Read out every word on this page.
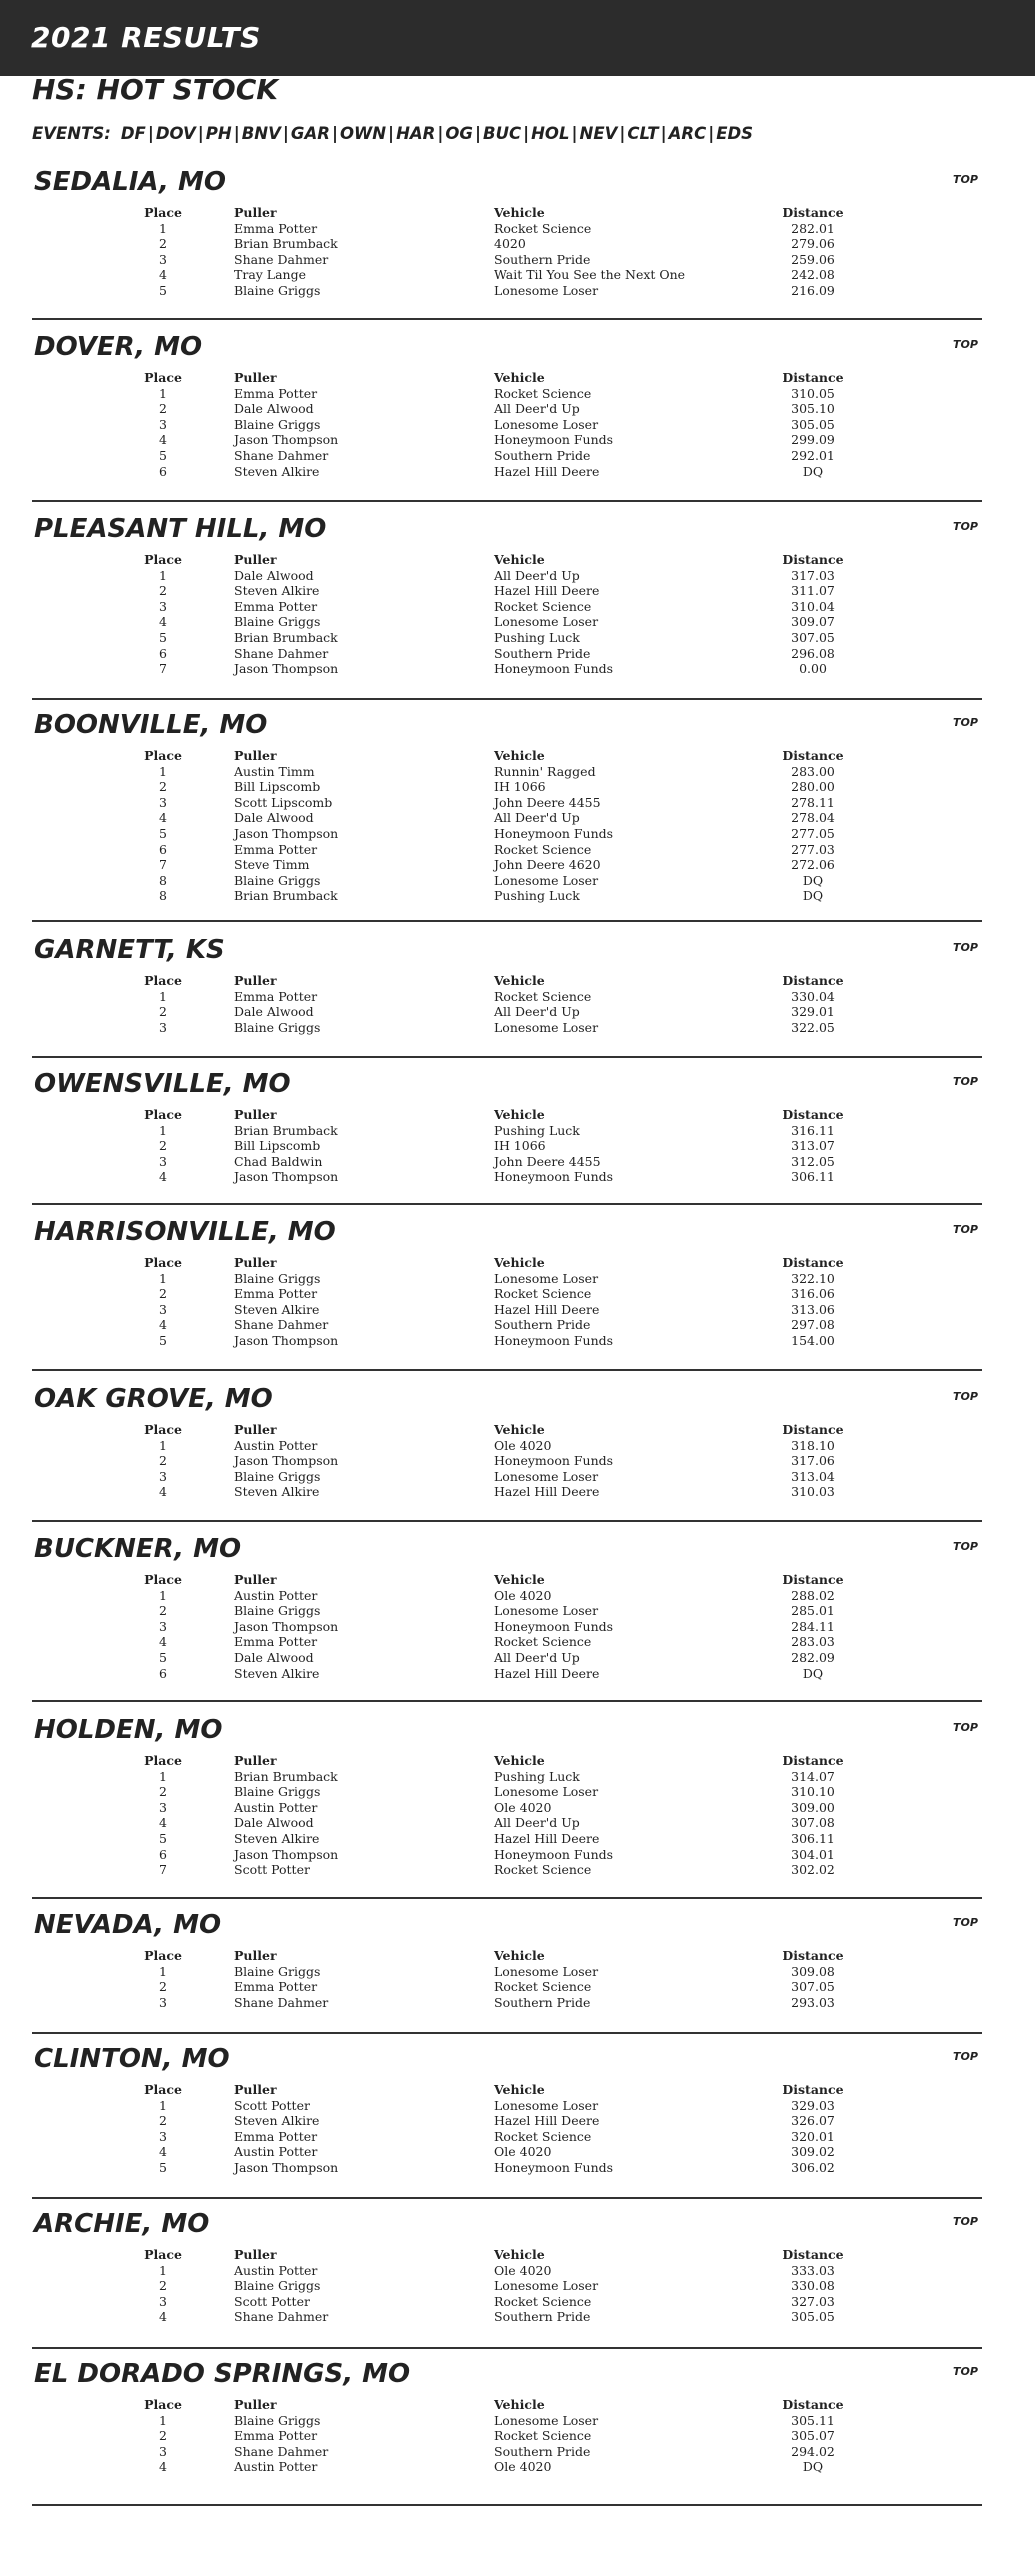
2021 RESULTS
HS: HOT STOCK
EVENTS: DF | DOV | PH | BNV | GAR | OWN | HAR | OG | BUC | HOL | NEV | CLT | ARC | EDS
SEDALIA, MO	TOP
Place	Puller	Vehicle	Distance
1	Emma Potter	Rocket Science	282.01
2	Brian Brumback	4020	279.06
3	Shane Dahmer	Southern Pride	259.06
4	Tray Lange	Wait Til You See the Next One	242.08
5	Blaine Griggs	Lonesome Loser	216.09
DOVER, MO	TOP
Place	Puller	Vehicle	Distance
1	Emma Potter	Rocket Science	310.05
2	Dale Alwood	All Deer'd Up	305.10
3	Blaine Griggs	Lonesome Loser	305.05
4	Jason Thompson	Honeymoon Funds	299.09
5	Shane Dahmer	Southern Pride	292.01
6	Steven Alkire	Hazel Hill Deere	DQ
PLEASANT HILL, MO	TOP
Place	Puller	Vehicle	Distance
1	Dale Alwood	All Deer'd Up	317.03
2	Steven Alkire	Hazel Hill Deere	311.07
3	Emma Potter	Rocket Science	310.04
4	Blaine Griggs	Lonesome Loser	309.07
5	Brian Brumback	Pushing Luck	307.05
6	Shane Dahmer	Southern Pride	296.08
7	Jason Thompson	Honeymoon Funds	0.00
BOONVILLE, MO	TOP
Place	Puller	Vehicle	Distance
1	Austin Timm	Runnin' Ragged	283.00
2	Bill Lipscomb	IH 1066	280.00
3	Scott Lipscomb	John Deere 4455	278.11
4	Dale Alwood	All Deer'd Up	278.04
5	Jason Thompson	Honeymoon Funds	277.05
6	Emma Potter	Rocket Science	277.03
7	Steve Timm	John Deere 4620	272.06
8	Blaine Griggs	Lonesome Loser	DQ
8	Brian Brumback	Pushing Luck	DQ
GARNETT, KS	TOP
Place	Puller	Vehicle	Distance
1	Emma Potter	Rocket Science	330.04
2	Dale Alwood	All Deer'd Up	329.01
3	Blaine Griggs	Lonesome Loser	322.05
OWENSVILLE, MO	TOP
Place	Puller	Vehicle	Distance
1	Brian Brumback	Pushing Luck	316.11
2	Bill Lipscomb	IH 1066	313.07
3	Chad Baldwin	John Deere 4455	312.05
4	Jason Thompson	Honeymoon Funds	306.11
HARRISONVILLE, MO	TOP
Place	Puller	Vehicle	Distance
1	Blaine Griggs	Lonesome Loser	322.10
2	Emma Potter	Rocket Science	316.06
3	Steven Alkire	Hazel Hill Deere	313.06
4	Shane Dahmer	Southern Pride	297.08
5	Jason Thompson	Honeymoon Funds	154.00
OAK GROVE, MO	TOP
Place	Puller	Vehicle	Distance
1	Austin Potter	Ole 4020	318.10
2	Jason Thompson	Honeymoon Funds	317.06
3	Blaine Griggs	Lonesome Loser	313.04
4	Steven Alkire	Hazel Hill Deere	310.03
BUCKNER, MO	TOP
Place	Puller	Vehicle	Distance
1	Austin Potter	Ole 4020	288.02
2	Blaine Griggs	Lonesome Loser	285.01
3	Jason Thompson	Honeymoon Funds	284.11
4	Emma Potter	Rocket Science	283.03
5	Dale Alwood	All Deer'd Up	282.09
6	Steven Alkire	Hazel Hill Deere	DQ
HOLDEN, MO	TOP
Place	Puller	Vehicle	Distance
1	Brian Brumback	Pushing Luck	314.07
2	Blaine Griggs	Lonesome Loser	310.10
3	Austin Potter	Ole 4020	309.00
4	Dale Alwood	All Deer'd Up	307.08
5	Steven Alkire	Hazel Hill Deere	306.11
6	Jason Thompson	Honeymoon Funds	304.01
7	Scott Potter	Rocket Science	302.02
NEVADA, MO	TOP
Place	Puller	Vehicle	Distance
1	Blaine Griggs	Lonesome Loser	309.08
2	Emma Potter	Rocket Science	307.05
3	Shane Dahmer	Southern Pride	293.03
CLINTON, MO	TOP
Place	Puller	Vehicle	Distance
1	Scott Potter	Lonesome Loser	329.03
2	Steven Alkire	Hazel Hill Deere	326.07
3	Emma Potter	Rocket Science	320.01
4	Austin Potter	Ole 4020	309.02
5	Jason Thompson	Honeymoon Funds	306.02
ARCHIE, MO	TOP
Place	Puller	Vehicle	Distance
1	Austin Potter	Ole 4020	333.03
2	Blaine Griggs	Lonesome Loser	330.08
3	Scott Potter	Rocket Science	327.03
4	Shane Dahmer	Southern Pride	305.05
EL DORADO SPRINGS, MO	TOP
Place	Puller	Vehicle	Distance
1	Blaine Griggs	Lonesome Loser	305.11
2	Emma Potter	Rocket Science	305.07
3	Shane Dahmer	Southern Pride	294.02
4	Austin Potter	Ole 4020	DQ
